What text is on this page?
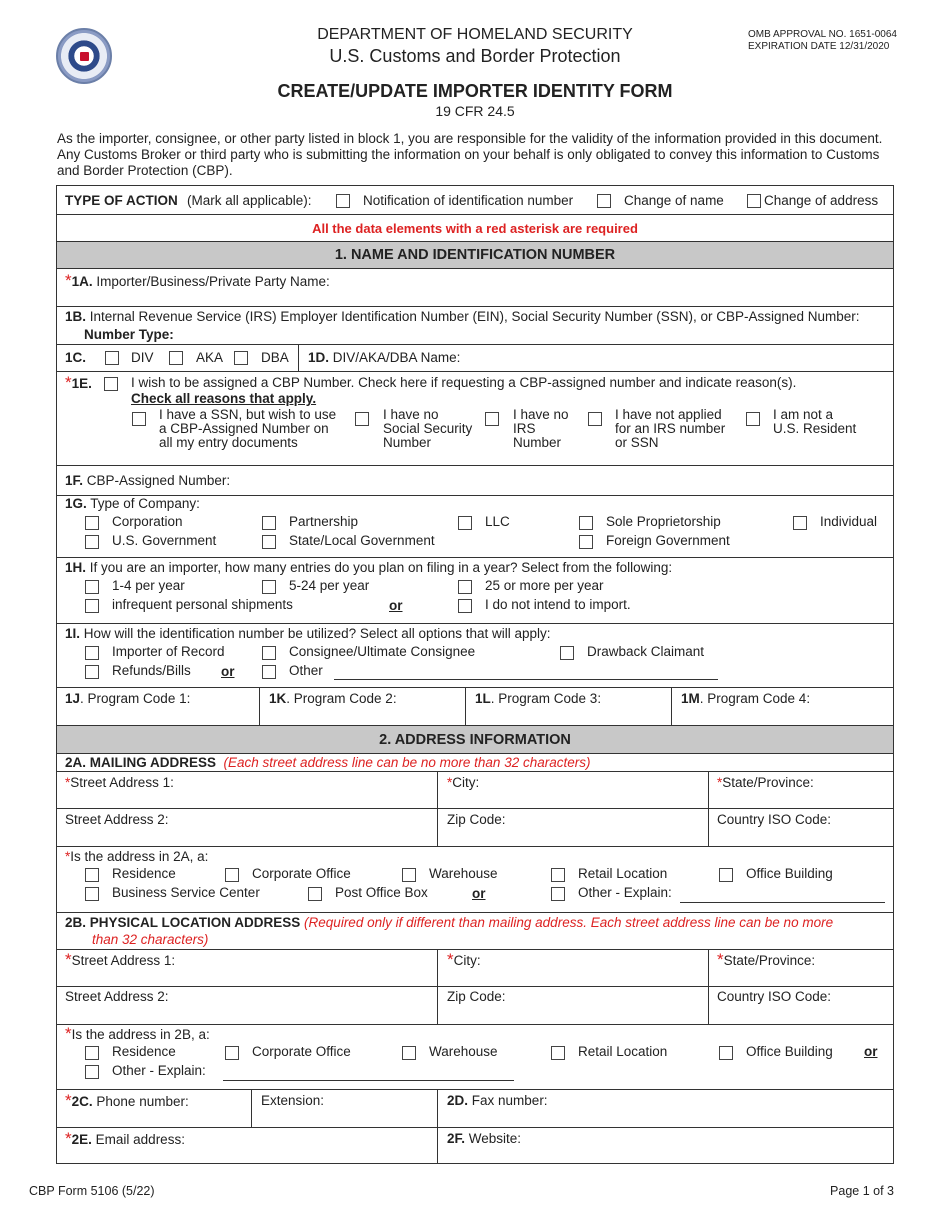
DEPARTMENT OF HOMELAND SECURITY
U.S. Customs and Border Protection
OMB APPROVAL NO. 1651-0064
EXPIRATION DATE 12/31/2020
CREATE/UPDATE IMPORTER IDENTITY FORM
19 CFR 24.5
As the importer, consignee, or other party listed in block 1, you are responsible for the validity of the information provided in this document. Any Customs Broker or third party who is submitting the information on your behalf is only obligated to convey this information to Customs and Border Protection (CBP).
TYPE OF ACTION (Mark all applicable):	Notification of identification number	Change of name	Change of address
All the data elements with a red asterisk are required
1. NAME AND IDENTIFICATION NUMBER
*1A. Importer/Business/Private Party Name:
1B. Internal Revenue Service (IRS) Employer Identification Number (EIN), Social Security Number (SSN), or CBP-Assigned Number:
Number Type:
1C.	DIV	AKA	DBA 1D. DIV/AKA/DBA Name:
*1E.	I wish to be assigned a CBP Number. Check here if requesting a CBP-assigned number and indicate reason(s).
Check all reasons that apply.
I have a SSN, but wish to use
a CBP-Assigned Number on
all my entry documents
I have no
Social Security
Number
I have no
IRS
Number
I have not applied
for an IRS number
or SSN
I am not a
U.S. Resident
1F. CBP-Assigned Number:
1G. Type of Company:
Corporation	Partnership	LLC	Sole Proprietorship	Individual
U.S. Government	State/Local Government	Foreign Government
1H. If you are an importer, how many entries do you plan on filing in a year? Select from the following:
1-4 per year	5-24 per year	25 or more per year
infrequent personal shipments	or	I do not intend to import.
1I. How will the identification number be utilized? Select all options that will apply:
Importer of Record	Consignee/Ultimate Consignee	Drawback Claimant
Refunds/Bills or	Other
1J. Program Code 1:	1K. Program Code 2:	1L. Program Code 3:	1M. Program Code 4:
2. ADDRESS INFORMATION
2A. MAILING ADDRESS (Each street address line can be no more than 32 characters)
*Street Address 1:	*City:	*State/Province:
Street Address 2:	Zip Code:	Country ISO Code:
*Is the address in 2A, a:
Residence	Corporate Office	Warehouse	Retail Location	Office Building
Business Service Center	Post Office Box	or	Other - Explain:
2B. PHYSICAL LOCATION ADDRESS (Required only if different than mailing address. Each street address line can be no more
than 32 characters)
*Street Address 1:	*City:	*State/Province:
Street Address 2:	Zip Code:	Country ISO Code:
*Is the address in 2B, a:
Residence	Corporate Office	Warehouse	Retail Location	Office Building or
Other - Explain:
*2C. Phone number:	Extension:	2D. Fax number:
*2E. Email address:	2F. Website:
CBP Form 5106 (5/22)	Page 1 of 3
